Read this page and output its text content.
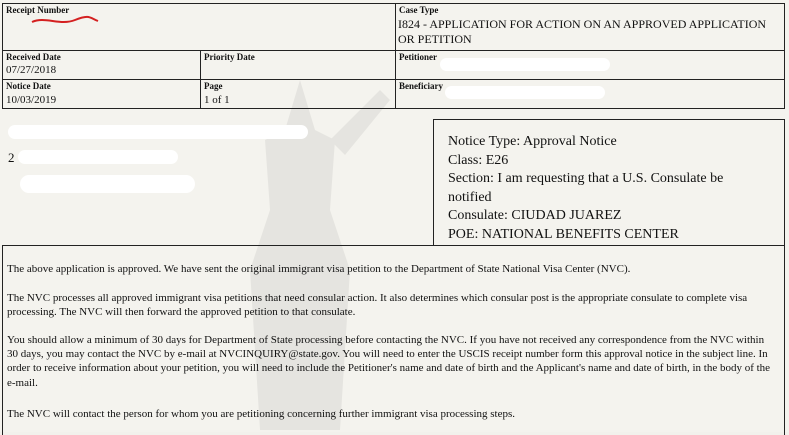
Receipt Number	Case Type
I824 - APPLICATION FOR ACTION ON AN APPROVED APPLICATION OR PETITION
Received Date
07/27/2018
Priority Date	Petitioner
Notice Date
10/03/2019
Page
1 of 1
Beneficiary
2
Notice Type: Approval Notice
Class: E26
Section: I am requesting that a U.S. Consulate be
notified
Consulate: CIUDAD JUAREZ
POE: NATIONAL BENEFITS CENTER
The above application is approved. We have sent the original immigrant visa petition to the Department of State National Visa Center (NVC).
The NVC processes all approved immigrant visa petitions that need consular action. It also determines which consular post is the appropriate consulate to complete visa processing. The NVC will then forward the approved petition to that consulate.
You should allow a minimum of 30 days for Department of State processing before contacting the NVC. If you have not received any correspondence from the NVC within 30 days, you may contact the NVC by e-mail at NVCINQUIRY@state.gov. You will need to enter the USCIS receipt number form this approval notice in the subject line. In order to receive information about your petition, you will need to include the Petitioner's name and date of birth and the Applicant's name and date of birth, in the body of the e-mail.
The NVC will contact the person for whom you are petitioning concerning further immigrant visa processing steps.
